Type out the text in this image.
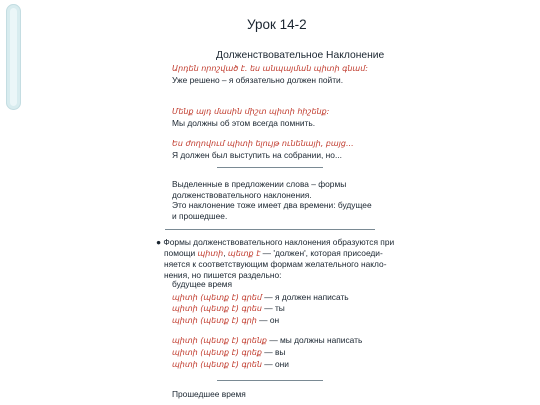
Урок 14-2
Долженствовательное Наклонение

Արդեն որոշված է. ես անպայման պիտի գնամ:

Уже решено – я обязательно должен пойти.

Մենք այդ մասին միշտ պիտի հիշենք:

Мы должны об этом всегда помнить.

Ես ժողովում պիտի ելույթ ունենայի, բայց...

Я должен был выступить на собрании, но...

Выделенные в предложении слова – формы долженствовательного наклонения.

Это наклонение тоже имеет два времени: будущее и прошедшее.

● Формы долженствовательного наклонения образуются при

помощи պիտի, պետք է — 'должен', которая присоеди-

няется к соответствующим формам желательного накло-

нения, но пишется раздельно:

будущее время

պիտի (պետք է) գրեմ — я должен написать

պիտի (պետք է) գրես — ты

պիտի (պետք է) գրի — он

պիտի (պետք է) գրենք — мы должны написать

պիտի (պետք է) գրեք — вы

պիտի (պետք է) գրեն — они

Прошедшее время
